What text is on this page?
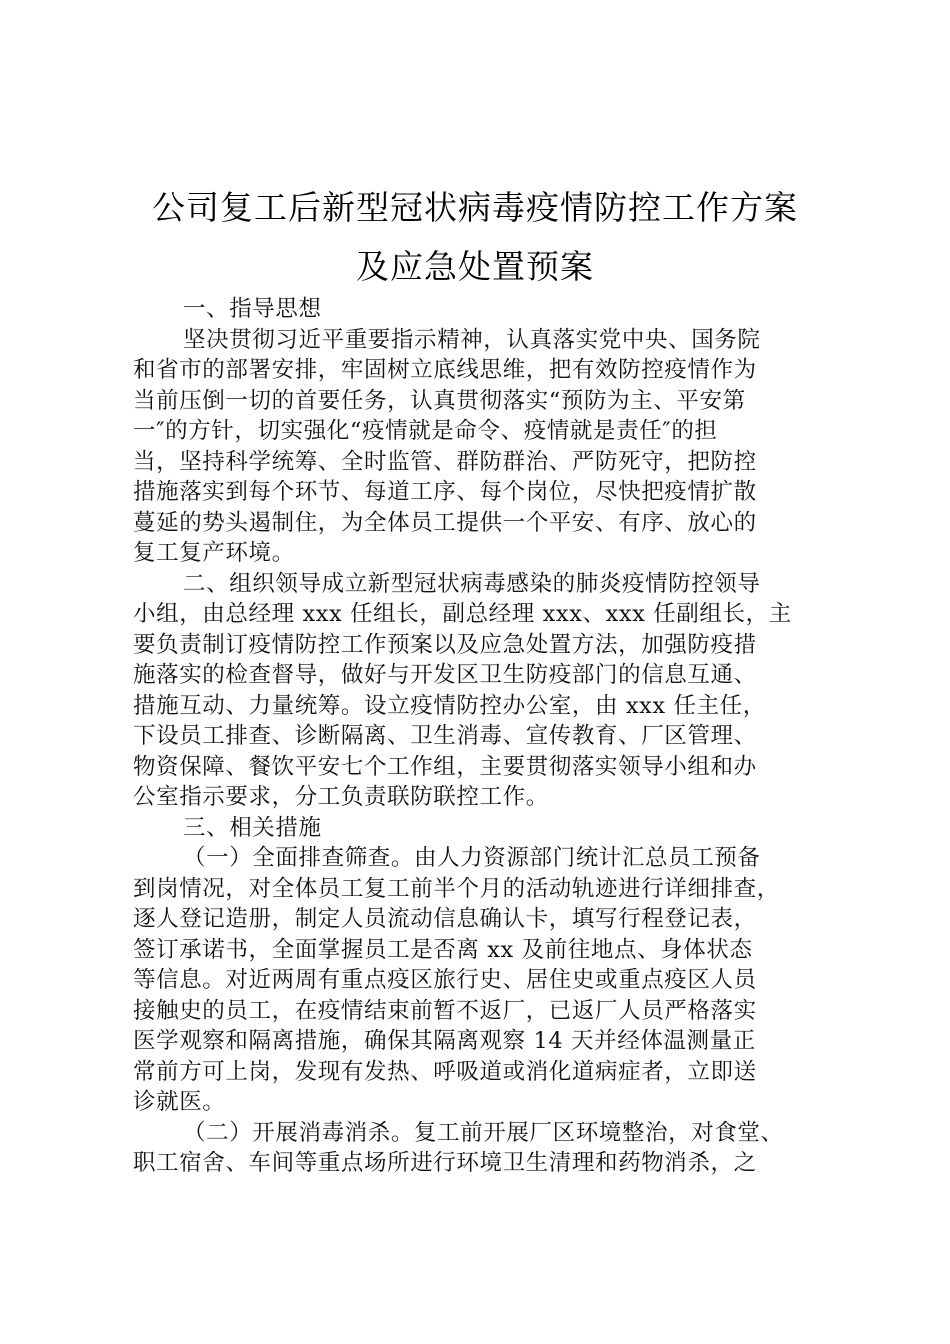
公司复工后新型冠状病毒疫情防控工作方案
及应急处置预案
一、指导思想
坚决贯彻习近平重要指示精神，认真落实党中央、国务院
和省市的部署安排，牢固树立底线思维，把有效防控疫情作为
当前压倒一切的首要任务，认真贯彻落实“预防为主、平安第
一″的方针，切实强化“疫情就是命令、疫情就是责任″的担
当，坚持科学统筹、全时监管、群防群治、严防死守，把防控
措施落实到每个环节、每道工序、每个岗位，尽快把疫情扩散
蔓延的势头遏制住，为全体员工提供一个平安、有序、放心的
复工复产环境。
二、组织领导成立新型冠状病毒感染的肺炎疫情防控领导
小组，由总经理 xxx 任组长，副总经理 xxx、xxx 任副组长，主
要负责制订疫情防控工作预案以及应急处置方法，加强防疫措
施落实的检查督导，做好与开发区卫生防疫部门的信息互通、
措施互动、力量统筹。设立疫情防控办公室，由 xxx 任主任，
下设员工排查、诊断隔离、卫生消毒、宣传教育、厂区管理、
物资保障、餐饮平安七个工作组，主要贯彻落实领导小组和办
公室指示要求，分工负责联防联控工作。
三、相关措施
（一）全面排查筛查。由人力资源部门统计汇总员工预备
到岗情况，对全体员工复工前半个月的活动轨迹进行详细排查，
逐人登记造册，制定人员流动信息确认卡，填写行程登记表，
签订承诺书，全面掌握员工是否离 xx 及前往地点、身体状态
等信息。对近两周有重点疫区旅行史、居住史或重点疫区人员
接触史的员工，在疫情结束前暂不返厂，已返厂人员严格落实
医学观察和隔离措施，确保其隔离观察 14 天并经体温测量正
常前方可上岗，发现有发热、呼吸道或消化道病症者，立即送
诊就医。
（二）开展消毒消杀。复工前开展厂区环境整治，对食堂、
职工宿舍、车间等重点场所进行环境卫生清理和药物消杀，之
